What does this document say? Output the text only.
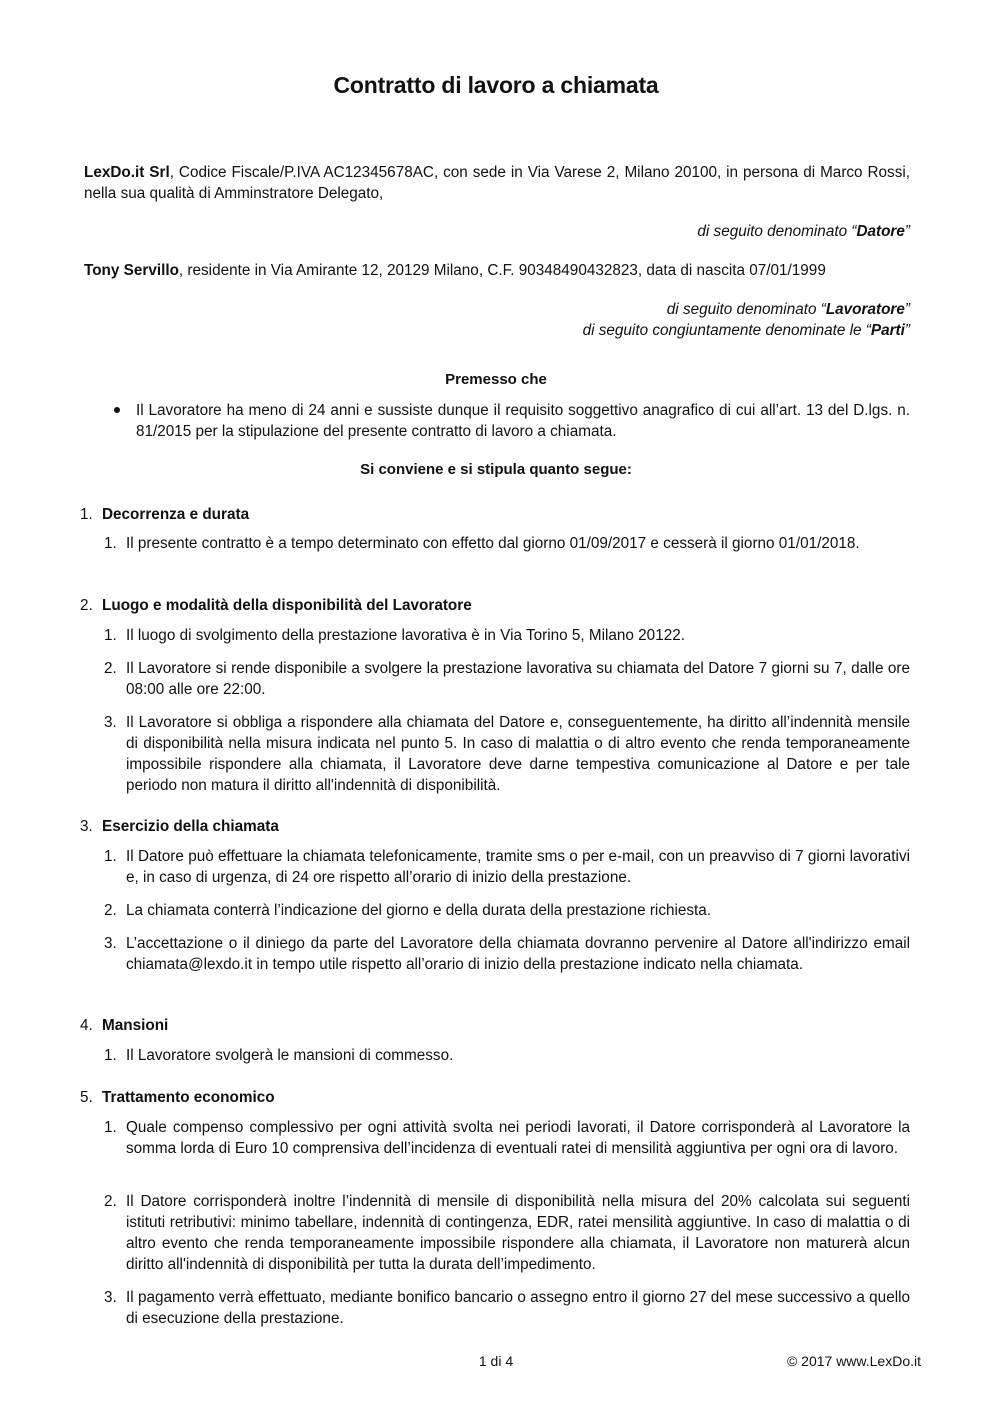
Contratto di lavoro a chiamata
LexDo.it Srl, Codice Fiscale/P.IVA AC12345678AC, con sede in Via Varese 2, Milano 20100, in persona di Marco Rossi, nella sua qualità di Amminstratore Delegato,
di seguito denominato “Datore”
Tony Servillo, residente in Via Amirante 12, 20129 Milano, C.F. 90348490432823, data di nascita 07/01/1999
di seguito denominato “Lavoratore”
di seguito congiuntamente denominate le “Parti”
Premesso che
Il Lavoratore ha meno di 24 anni e sussiste dunque il requisito soggettivo anagrafico di cui all’art. 13 del D.lgs. n. 81/2015 per la stipulazione del presente contratto di lavoro a chiamata.
Si conviene e si stipula quanto segue:
1. Decorrenza e durata
1. Il presente contratto è a tempo determinato con effetto dal giorno 01/09/2017 e cesserà il giorno 01/01/2018.
2. Luogo e modalità della disponibilità del Lavoratore
1. Il luogo di svolgimento della prestazione lavorativa è in Via Torino 5, Milano 20122.
2. Il Lavoratore si rende disponibile a svolgere la prestazione lavorativa su chiamata del Datore 7 giorni su 7, dalle ore 08:00 alle ore 22:00.
3. Il Lavoratore si obbliga a rispondere alla chiamata del Datore e, conseguentemente, ha diritto all’indennità mensile di disponibilità nella misura indicata nel punto 5. In caso di malattia o di altro evento che renda temporaneamente impossibile rispondere alla chiamata, il Lavoratore deve darne tempestiva comunicazione al Datore e per tale periodo non matura il diritto all'indennità di disponibilità.
3. Esercizio della chiamata
1. Il Datore può effettuare la chiamata telefonicamente, tramite sms o per e-mail, con un preavviso di 7 giorni lavorativi e, in caso di urgenza, di 24 ore rispetto all’orario di inizio della prestazione.
2. La chiamata conterrà l’indicazione del giorno e della durata della prestazione richiesta.
3. L’accettazione o il diniego da parte del Lavoratore della chiamata dovranno pervenire al Datore all'indirizzo email chiamata@lexdo.it in tempo utile rispetto all’orario di inizio della prestazione indicato nella chiamata.
4. Mansioni
1. Il Lavoratore svolgerà le mansioni di commesso.
5. Trattamento economico
1. Quale compenso complessivo per ogni attività svolta nei periodi lavorati, il Datore corrisponderà al Lavoratore la somma lorda di Euro 10 comprensiva dell’incidenza di eventuali ratei di mensilità aggiuntiva per ogni ora di lavoro.
2. Il Datore corrisponderà inoltre l’indennità di mensile di disponibilità nella misura del 20% calcolata sui seguenti istituti retributivi: minimo tabellare, indennità di contingenza, EDR, ratei mensilità aggiuntive. In caso di malattia o di altro evento che renda temporaneamente impossibile rispondere alla chiamata, il Lavoratore non maturerà alcun diritto all'indennità di disponibilità per tutta la durata dell’impedimento.
3. Il pagamento verrà effettuato, mediante bonifico bancario o assegno entro il giorno 27 del mese successivo a quello di esecuzione della prestazione.
1 di 4	© 2017 www.LexDo.it
